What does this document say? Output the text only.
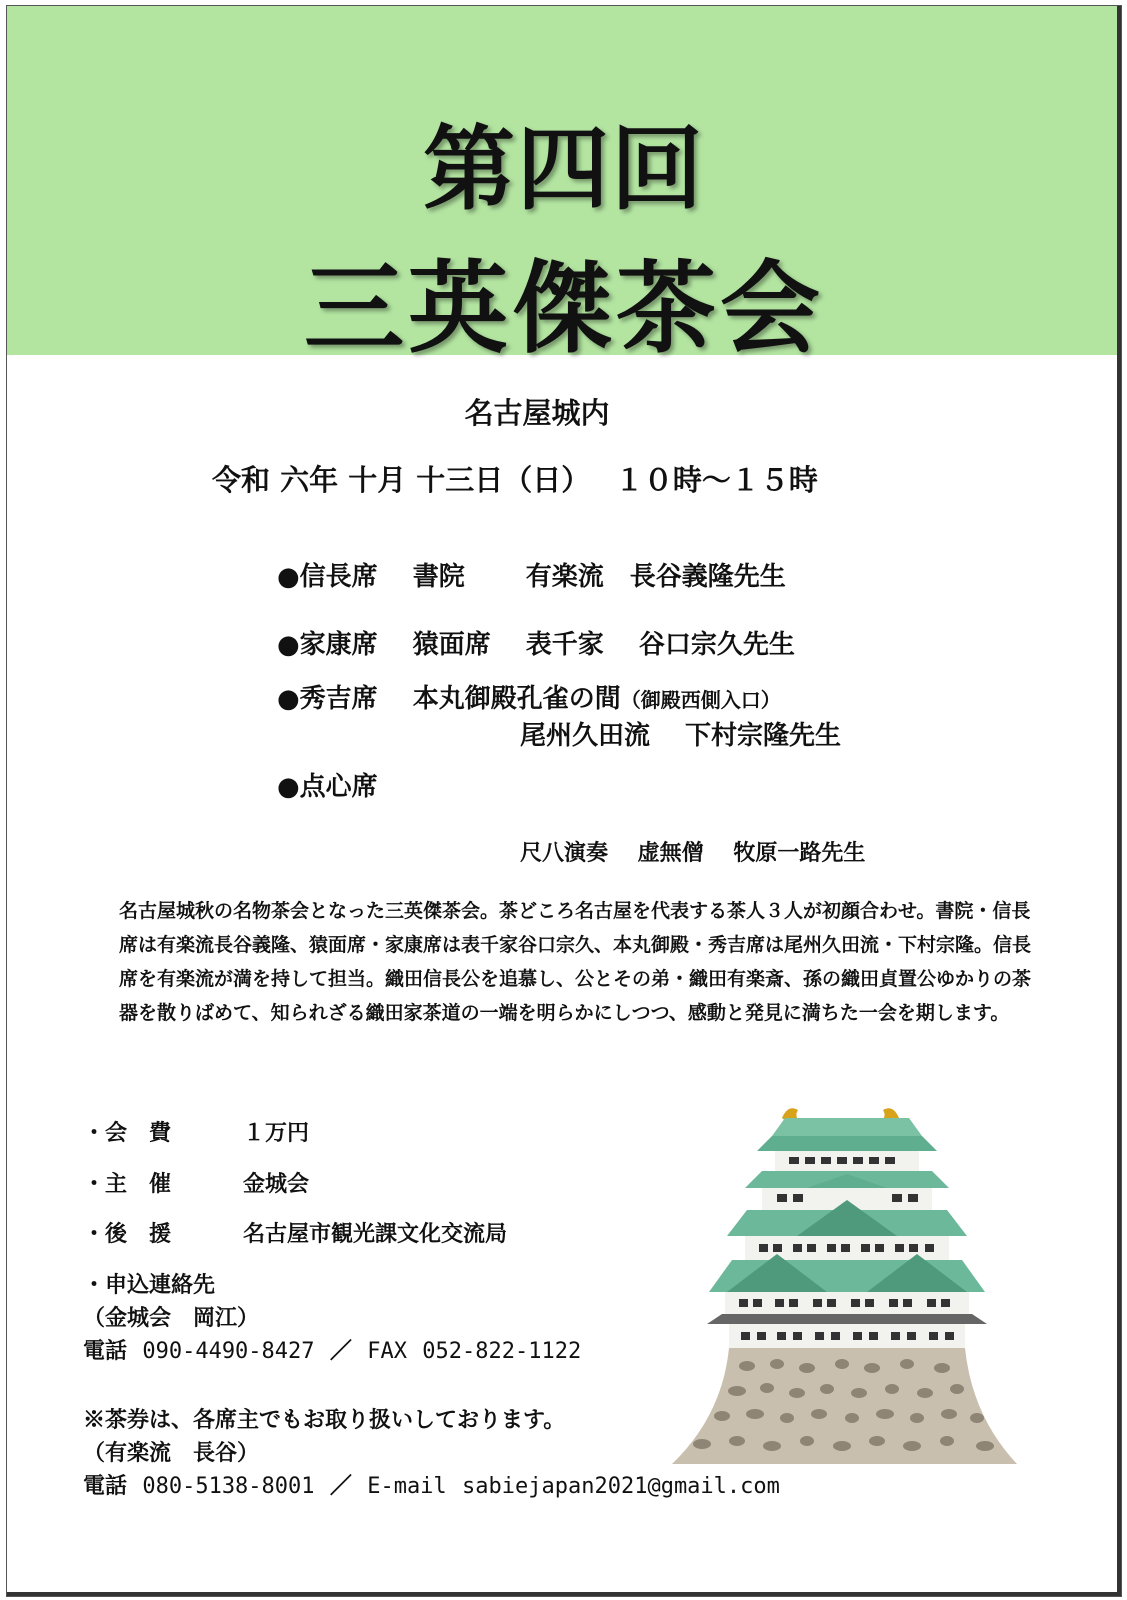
第四回
三英傑茶会
名古屋城内
令和 六年 十月 十三日（日）　 １０時～１５時
●信長席　 書院　　 有楽流　長谷義隆先生
●家康席　 猿面席　 表千家　 谷口宗久先生
●秀吉席　 本丸御殿孔雀の間（御殿西側入口）
尾州久田流　 下村宗隆先生
●点心席
尺八演奏　 虚無僧　 牧原一路先生
名古屋城秋の名物茶会となった三英傑茶会。茶どころ名古屋を代表する茶人３人が初顔合わせ。書院・信長席は有楽流長谷義隆、猿面席・家康席は表千家谷口宗久、本丸御殿・秀吉席は尾州久田流・下村宗隆。信長席を有楽流が満を持して担当。織田信長公を追慕し、公とその弟・織田有楽斎、孫の織田貞置公ゆかりの茶器を散りばめて、知られざる織田家茶道の一端を明らかにしつつ、感動と発見に満ちた一会を期します。
・会　費	１万円
・主　催	金城会
・後　援	名古屋市観光課文化交流局
・申込連絡先
（金城会　岡江）
電話 090-4490-8427 ／ FAX 052-822-1122
※茶券は、各席主でもお取り扱いしております。
（有楽流　長谷）
電話 080-5138-8001 ／ E-mail sabiejapan2021@gmail.com
